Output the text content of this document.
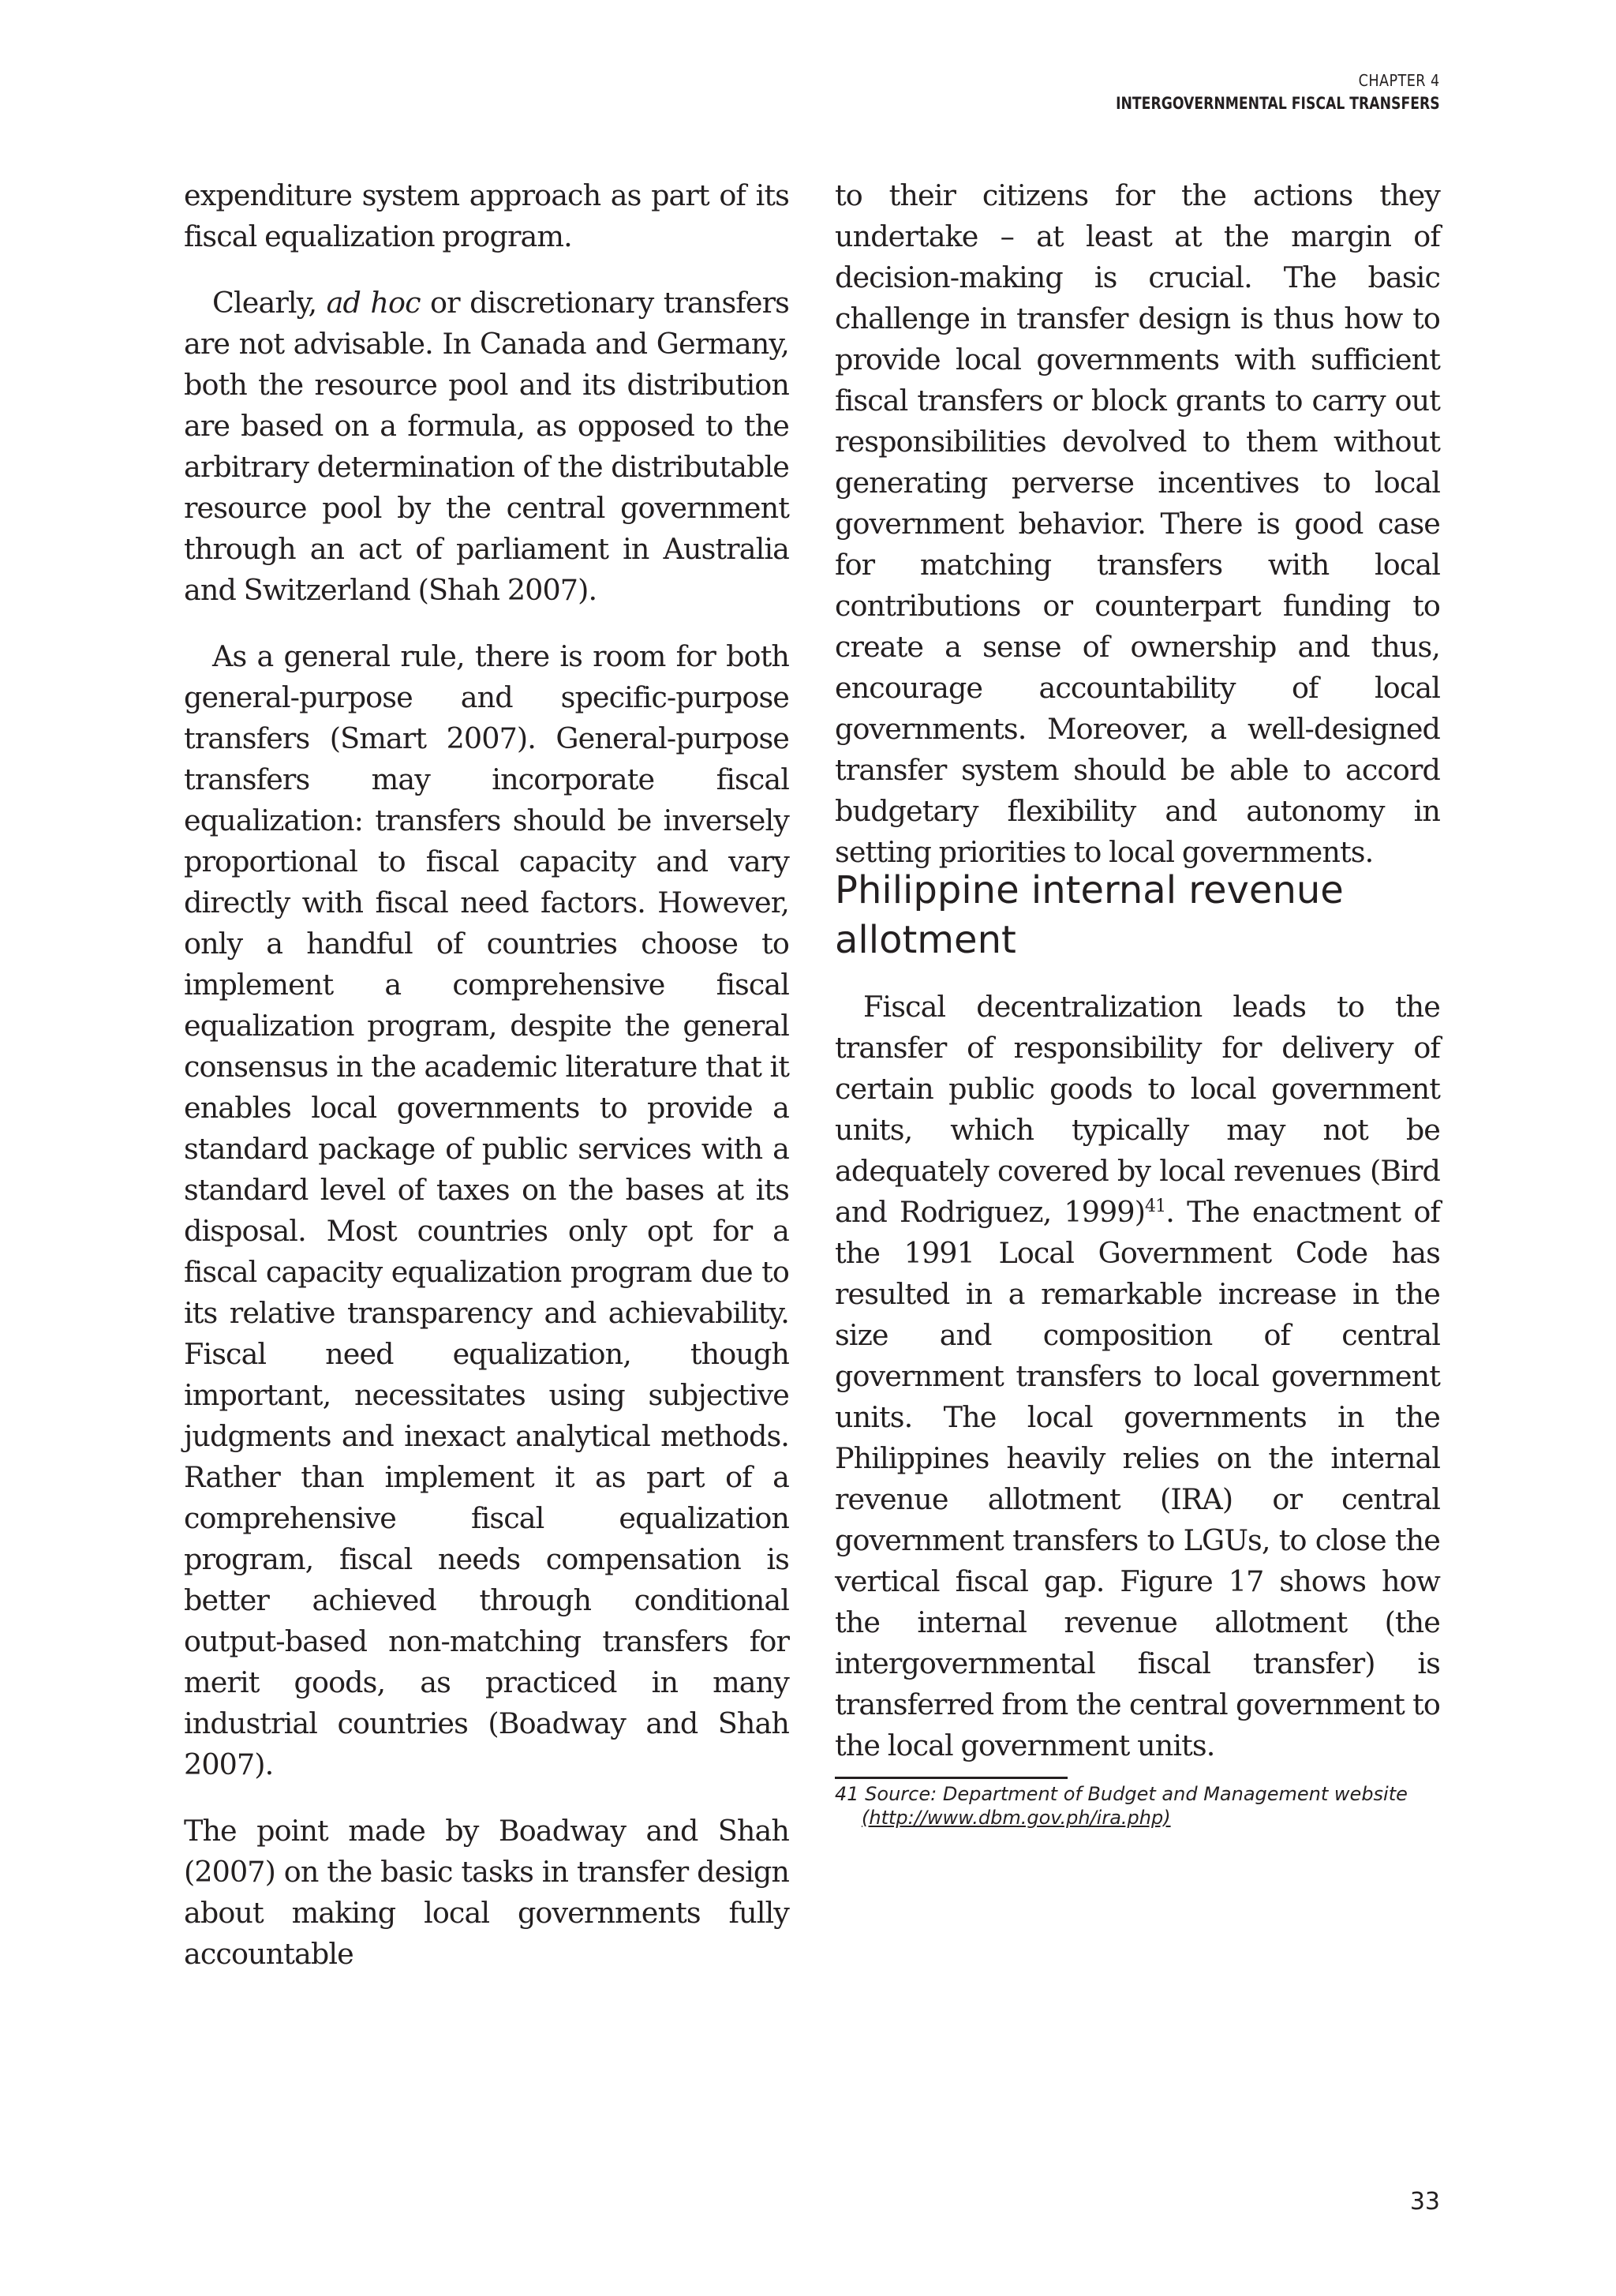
CHAPTER 4
INTERGOVERNMENTAL FISCAL TRANSFERS

expenditure system approach as part of its fiscal equalization program.

Clearly, ad hoc or discretionary transfers are not advisable. In Canada and Germany, both the resource pool and its distribution are based on a formula, as opposed to the arbitrary determination of the distributable resource pool by the central government through an act of parliament in Australia and Switzerland (Shah 2007).

As a general rule, there is room for both general-purpose and specific-purpose transfers (Smart 2007). General-purpose transfers may incorporate fiscal equalization: transfers should be inversely proportional to fiscal capacity and vary directly with fiscal need factors. However, only a handful of countries choose to implement a comprehensive fiscal equalization program, despite the general consensus in the academic literature that it enables local governments to provide a standard package of public services with a standard level of taxes on the bases at its disposal. Most countries only opt for a fiscal capacity equalization program due to its relative transparency and achievability. Fiscal need equalization, though important, necessitates using subjective judgments and inexact analytical methods. Rather than implement it as part of a comprehensive fiscal equalization program, fiscal needs compensation is better achieved through conditional output-based non-matching transfers for merit goods, as practiced in many industrial countries (Boadway and Shah 2007).

The point made by Boadway and Shah (2007) on the basic tasks in transfer design about making local governments fully accountable

to their citizens for the actions they undertake – at least at the margin of decision-making is crucial. The basic challenge in transfer design is thus how to provide local governments with sufficient fiscal transfers or block grants to carry out responsibilities devolved to them without generating perverse incentives to local government behavior. There is good case for matching transfers with local contributions or counterpart funding to create a sense of ownership and thus, encourage accountability of local governments. Moreover, a well-designed transfer system should be able to accord budgetary flexibility and autonomy in setting priorities to local governments.

Philippine internal revenue allotment

Fiscal decentralization leads to the transfer of responsibility for delivery of certain public goods to local government units, which typically may not be adequately covered by local revenues (Bird and Rodriguez, 1999)$^{41}$. The enactment of the 1991 Local Government Code has resulted in a remarkable increase in the size and composition of central government transfers to local government units. The local governments in the Philippines heavily relies on the internal revenue allotment (IRA) or central government transfers to LGUs, to close the vertical fiscal gap. Figure 17 shows how the internal revenue allotment (the intergovernmental fiscal transfer) is transferred from the central government to the local government units.

41 Source: Department of Budget and Management website
(http://www.dbm.gov.ph/ira.php)
33
